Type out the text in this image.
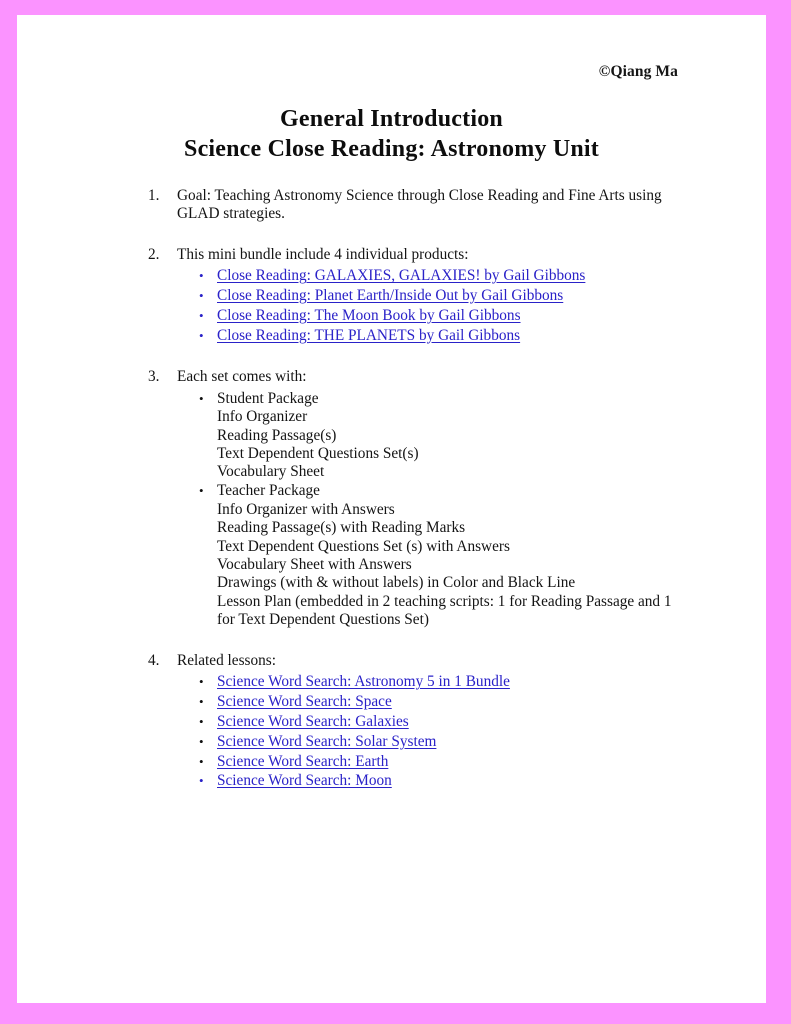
©Qiang Ma
General Introduction
Science Close Reading: Astronomy Unit
1.	Goal: Teaching Astronomy Science through Close Reading and Fine Arts using GLAD strategies.
2.	This mini bundle include 4 individual products:
• Close Reading: GALAXIES, GALAXIES! by Gail Gibbons
• Close Reading: Planet Earth/Inside Out by Gail Gibbons
• Close Reading: The Moon Book by Gail Gibbons
• Close Reading: THE PLANETS by Gail Gibbons
3.	Each set comes with:
• Student Package
Info Organizer
Reading Passage(s)
Text Dependent Questions Set(s)
Vocabulary Sheet
• Teacher Package
Info Organizer with Answers
Reading Passage(s) with Reading Marks
Text Dependent Questions Set (s) with Answers
Vocabulary Sheet with Answers
Drawings (with & without labels) in Color and Black Line
Lesson Plan (embedded in 2 teaching scripts: 1 for Reading Passage and 1
for Text Dependent Questions Set)
4.	Related lessons:
• Science Word Search: Astronomy 5 in 1 Bundle
• Science Word Search: Space
• Science Word Search: Galaxies
• Science Word Search: Solar System
• Science Word Search: Earth
• Science Word Search: Moon
